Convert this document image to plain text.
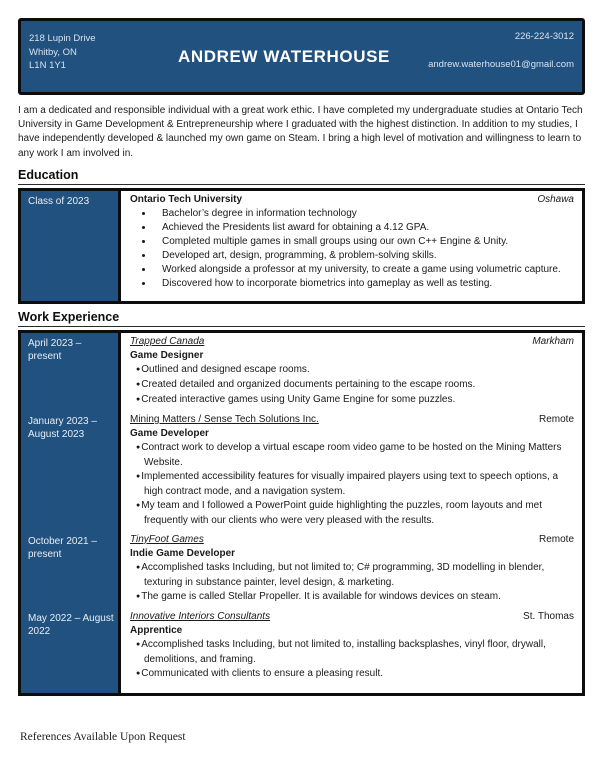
218 Lupin Drive
Whitby, ON
L1N 1Y1	ANDREW WATERHOUSE
226-224-3012
andrew.waterhouse01@gmail.com

I am a dedicated and responsible individual with a great work ethic. I have completed my undergraduate studies at Ontario Tech University in Game Development & Entrepreneurship where I graduated with the highest distinction. In addition to my studies, I have independently developed & launched my own game on Steam. I bring a high level of motivation and willingness to learn to any work I am involved in.

Education
Class of 2023	Ontario Tech University	Oshawa
• Bachelor’s degree in information technology
• Achieved the Presidents list award for obtaining a 4.12 GPA.
• Completed multiple games in small groups using our own C++ Engine & Unity.
• Developed art, design, programming, & problem-solving skills.
• Worked alongside a professor at my university, to create a game using volumetric capture.
• Discovered how to incorporate biometrics into gameplay as well as testing.
Work Experience
April 2023 – present
Trapped Canada	Markham
Game Designer
● Outlined and designed escape rooms.
● Created detailed and organized documents pertaining to the escape rooms.
● Created interactive games using Unity Game Engine for some puzzles.
January 2023 – August 2023
Mining Matters / Sense Tech Solutions Inc.	Remote
Game Developer
● Contract work to develop a virtual escape room video game to be hosted on the Mining Matters Website.
● Implemented accessibility features for visually impaired players using text to speech options, a high contract mode, and a navigation system.
● My team and I followed a PowerPoint guide highlighting the puzzles, room layouts and met frequently with our clients who were very pleased with the results.
October 2021 – present
TinyFoot Games	Remote
Indie Game Developer
● Accomplished tasks Including, but not limited to; C# programming, 3D modelling in blender, texturing in substance painter, level design, & marketing.
● The game is called Stellar Propeller. It is available for windows devices on steam.
May 2022 – August 2022
Innovative Interiors Consultants	St. Thomas
Apprentice
● Accomplished tasks Including, but not limited to, installing backsplashes, vinyl floor, drywall, demolitions, and framing.
● Communicated with clients to ensure a pleasing result.
References Available Upon Request
